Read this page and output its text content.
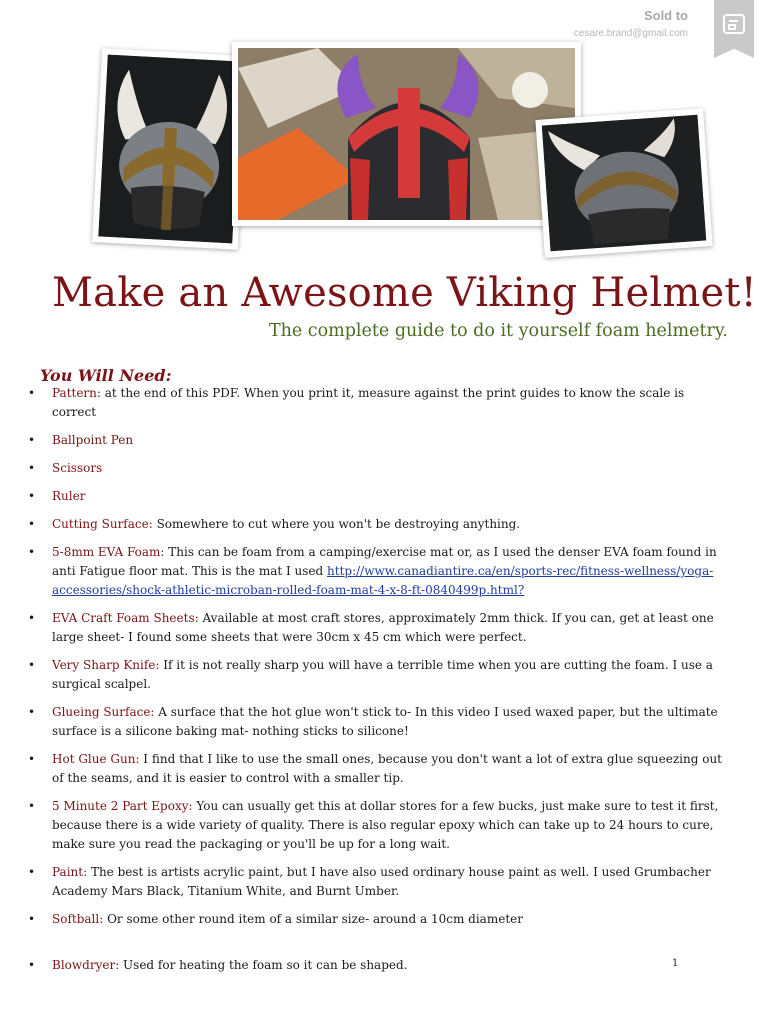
Sold to
cesare.brand@gmail.com
Make an Awesome Viking Helmet!
The complete guide to do it yourself foam helmetry.
You Will Need:
• Pattern: at the end of this PDF. When you print it, measure against the print guides to know the scale is correct
• Ballpoint Pen
• Scissors
• Ruler
• Cutting Surface: Somewhere to cut where you won't be destroying anything.
• 5-8mm EVA Foam: This can be foam from a camping/exercise mat or, as I used the denser EVA foam found in anti Fatigue floor mat. This is the mat I used http://www.canadiantire.ca/en/sports-rec/fitness-wellness/yoga-accessories/shock-athletic-microban-rolled-foam-mat-4-x-8-ft-0840499p.html?
• EVA Craft Foam Sheets: Available at most craft stores, approximately 2mm thick. If you can, get at least one large sheet- I found some sheets that were 30cm x 45 cm which were perfect.
• Very Sharp Knife: If it is not really sharp you will have a terrible time when you are cutting the foam. I use a surgical scalpel.
• Glueing Surface: A surface that the hot glue won't stick to- In this video I used waxed paper, but the ultimate surface is a silicone baking mat- nothing sticks to silicone!
• Hot Glue Gun: I find that I like to use the small ones, because you don't want a lot of extra glue squeezing out of the seams, and it is easier to control with a smaller tip.
• 5 Minute 2 Part Epoxy: You can usually get this at dollar stores for a few bucks, just make sure to test it first, because there is a wide variety of quality. There is also regular epoxy which can take up to 24 hours to cure, make sure you read the packaging or you'll be up for a long wait.
• Paint: The best is artists acrylic paint, but I have also used ordinary house paint as well. I used Grumbacher Academy Mars Black, Titanium White, and Burnt Umber.
• Softball: Or some other round item of a similar size- around a 10cm diameter
• Blowdryer: Used for heating the foam so it can be shaped.	1
